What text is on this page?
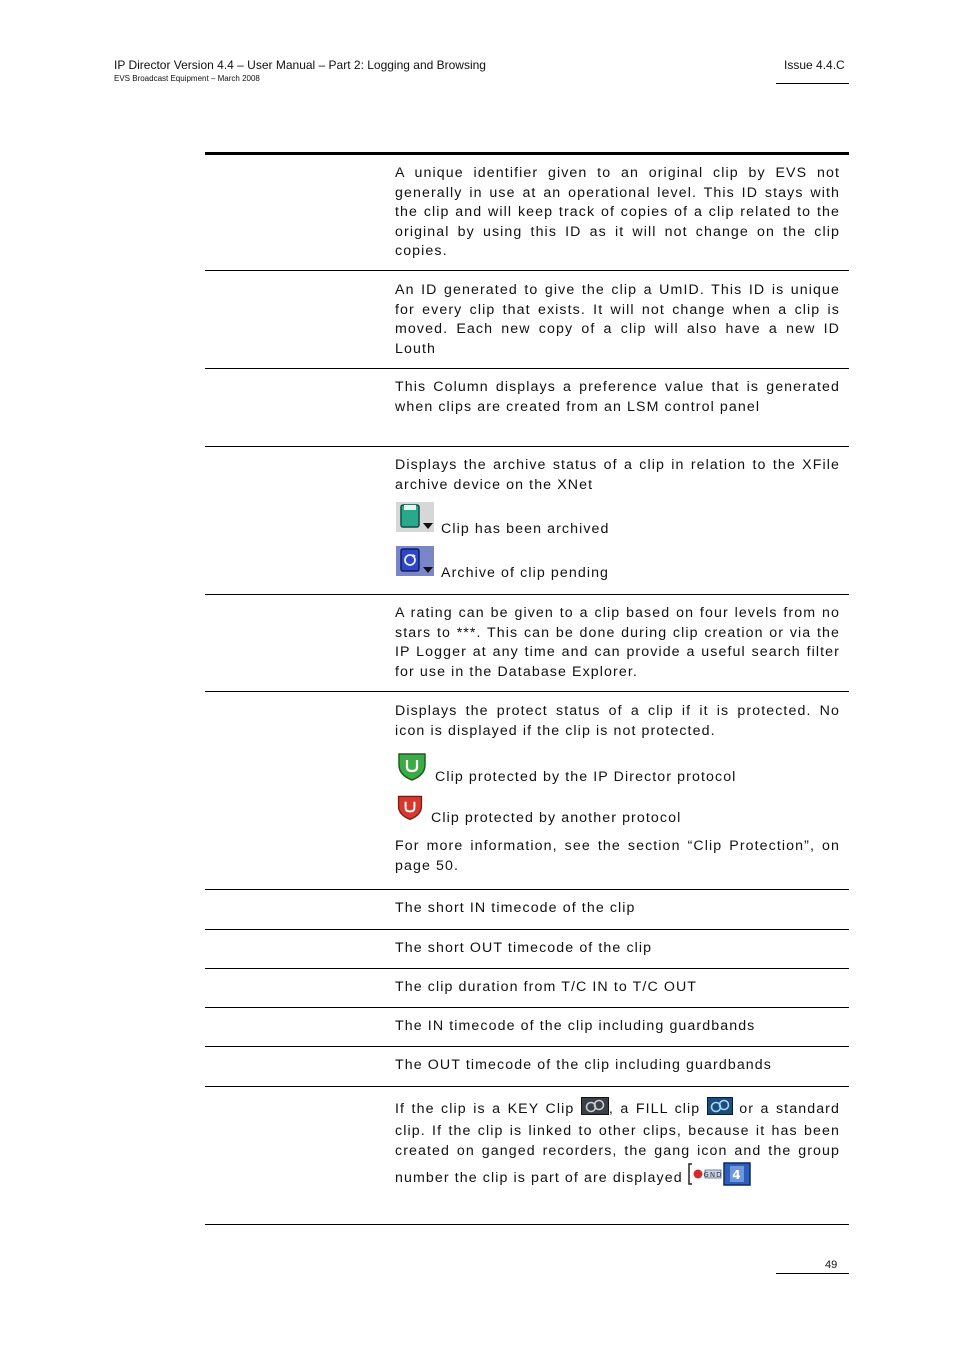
IP Director Version 4.4 – User Manual – Part 2: Logging and Browsing
EVS Broadcast Equipment – March 2008
Issue 4.4.C

A unique identifier given to an original clip by EVS not generally in use at an operational level. This ID stays with the clip and will keep track of copies of a clip related to the original by using this ID as it will not change on the clip copies.

An ID generated to give the clip a UmID. This ID is unique for every clip that exists. It will not change when a clip is moved. Each new copy of a clip will also have a new ID Louth

This Column displays a preference value that is generated when clips are created from an LSM control panel

Displays the archive status of a clip in relation to the XFile archive device on the XNet

Clip has been archived
Archive of clip pending

A rating can be given to a clip based on four levels from no stars to ***. This can be done during clip creation or via the IP Logger at any time and can provide a useful search filter for use in the Database Explorer.

Displays the protect status of a clip if it is protected. No icon is displayed if the clip is not protected.

Clip protected by the IP Director protocol
Clip protected by another protocol

For more information, see the section “Clip Protection”, on page 50.

The short IN timecode of the clip

The short OUT timecode of the clip

The clip duration from T/C IN to T/C OUT

The IN timecode of the clip including guardbands

The OUT timecode of the clip including guardbands

If the clip is a KEY Clip , a FILL clip  or a standard clip. If the clip is linked to other clips, because it has been created on ganged recorders, the gang icon and the group number the clip is part of are displayed	GND 4

49
